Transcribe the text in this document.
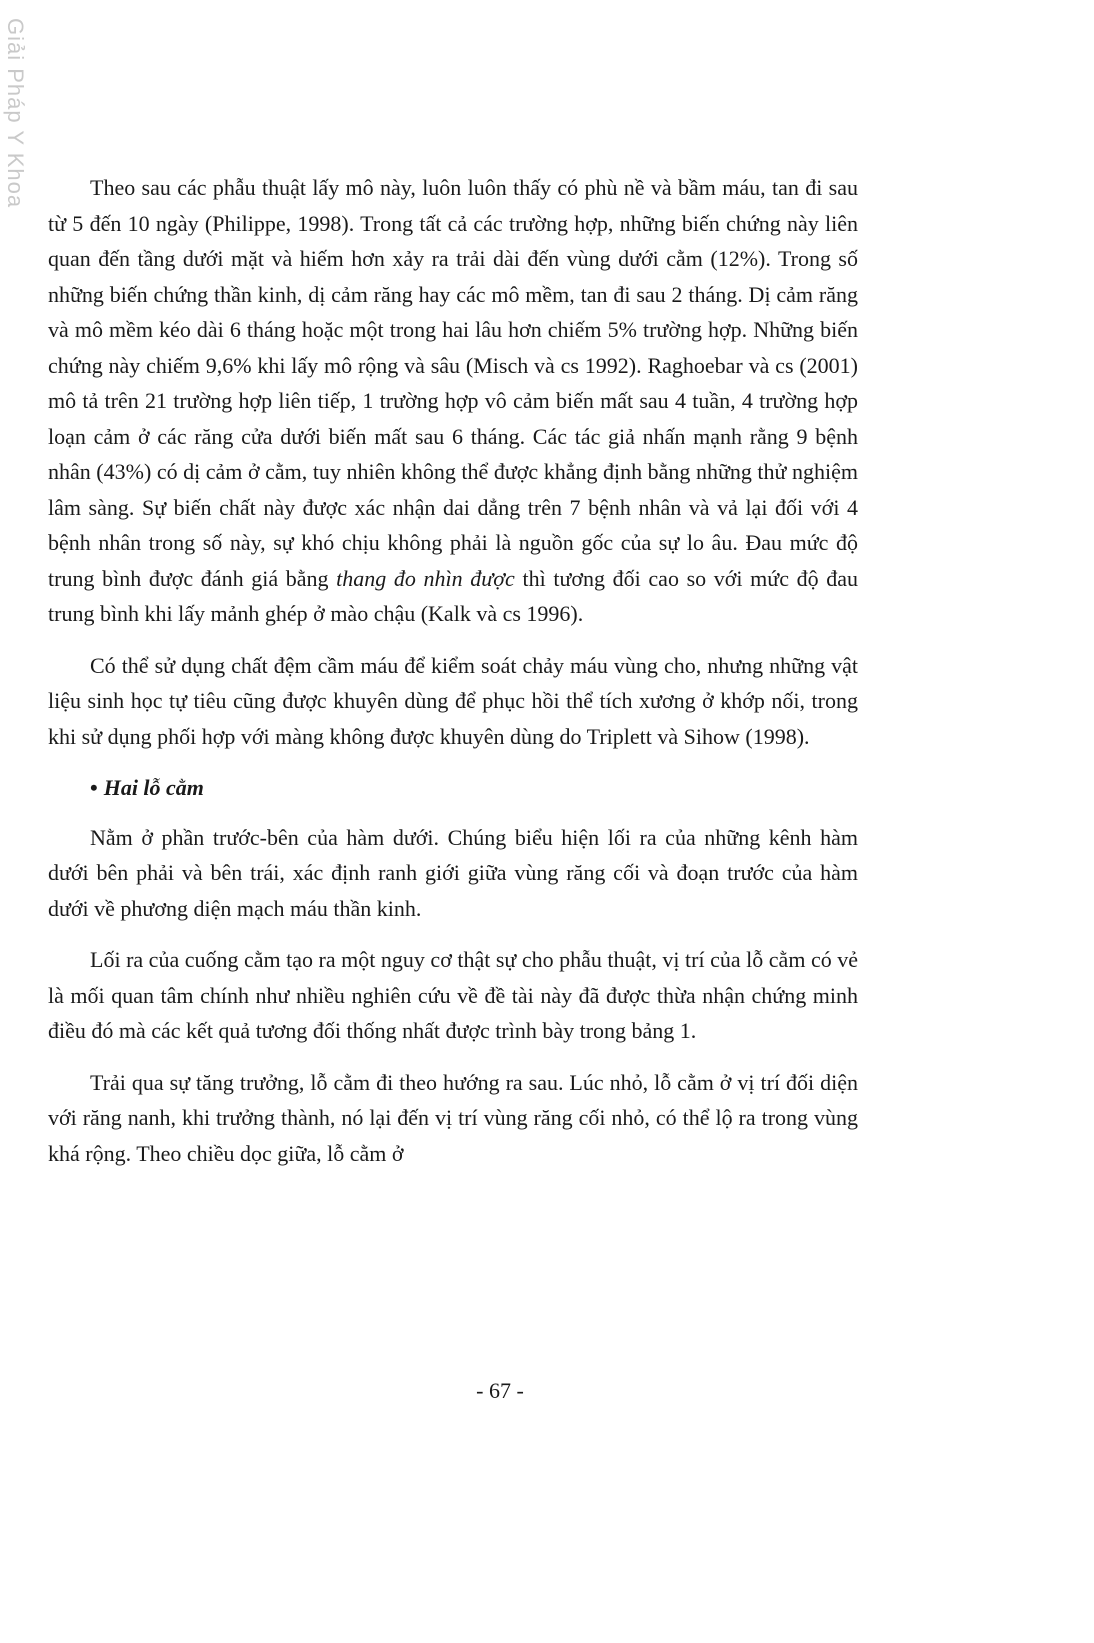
Giải Pháp Y Khoa	Theo sau các phẫu thuật lấy mô này, luôn luôn thấy có phù nề và bầm máu, tan đi sau từ 5 đến 10 ngày (Philippe, 1998). Trong tất cả các trường hợp, những biến chứng này liên quan đến tầng dưới mặt và hiếm hơn xảy ra trải dài đến vùng dưới cằm (12%). Trong số những biến chứng thần kinh, dị cảm răng hay các mô mềm, tan đi sau 2 tháng. Dị cảm răng và mô mềm kéo dài 6 tháng hoặc một trong hai lâu hơn chiếm 5% trường hợp. Những biến chứng này chiếm 9,6% khi lấy mô rộng và sâu (Misch và cs 1992). Raghoebar và cs (2001) mô tả trên 21 trường hợp liên tiếp, 1 trường hợp vô cảm biến mất sau 4 tuần, 4 trường hợp loạn cảm ở các răng cửa dưới biến mất sau 6 tháng. Các tác giả nhấn mạnh rằng 9 bệnh nhân (43%) có dị cảm ở cằm, tuy nhiên không thể được khẳng định bằng những thử nghiệm lâm sàng. Sự biến chất này được xác nhận dai dẳng trên 7 bệnh nhân và vả lại đối với 4 bệnh nhân trong số này, sự khó chịu không phải là nguồn gốc của sự lo âu. Đau mức độ trung bình được đánh giá bằng thang đo nhìn được thì tương đối cao so với mức độ đau trung bình khi lấy mảnh ghép ở mào chậu (Kalk và cs 1996).

Có thể sử dụng chất đệm cầm máu để kiểm soát chảy máu vùng cho, nhưng những vật liệu sinh học tự tiêu cũng được khuyên dùng để phục hồi thể tích xương ở khớp nối, trong khi sử dụng phối hợp với màng không được khuyên dùng do Triplett và Sihow (1998).

• Hai lỗ cằm

Nằm ở phần trước-bên của hàm dưới. Chúng biểu hiện lối ra của những kênh hàm dưới bên phải và bên trái, xác định ranh giới giữa vùng răng cối và đoạn trước của hàm dưới về phương diện mạch máu thần kinh.

Lối ra của cuống cằm tạo ra một nguy cơ thật sự cho phẫu thuật, vị trí của lỗ cằm có vẻ là mối quan tâm chính như nhiều nghiên cứu về đề tài này đã được thừa nhận chứng minh điều đó mà các kết quả tương đối thống nhất được trình bày trong bảng 1.

Trải qua sự tăng trưởng, lỗ cằm đi theo hướng ra sau. Lúc nhỏ, lỗ cằm ở vị trí đối diện với răng nanh, khi trưởng thành, nó lại đến vị trí vùng răng cối nhỏ, có thể lộ ra trong vùng khá rộng. Theo chiều dọc giữa, lỗ cằm ở

- 67 -
